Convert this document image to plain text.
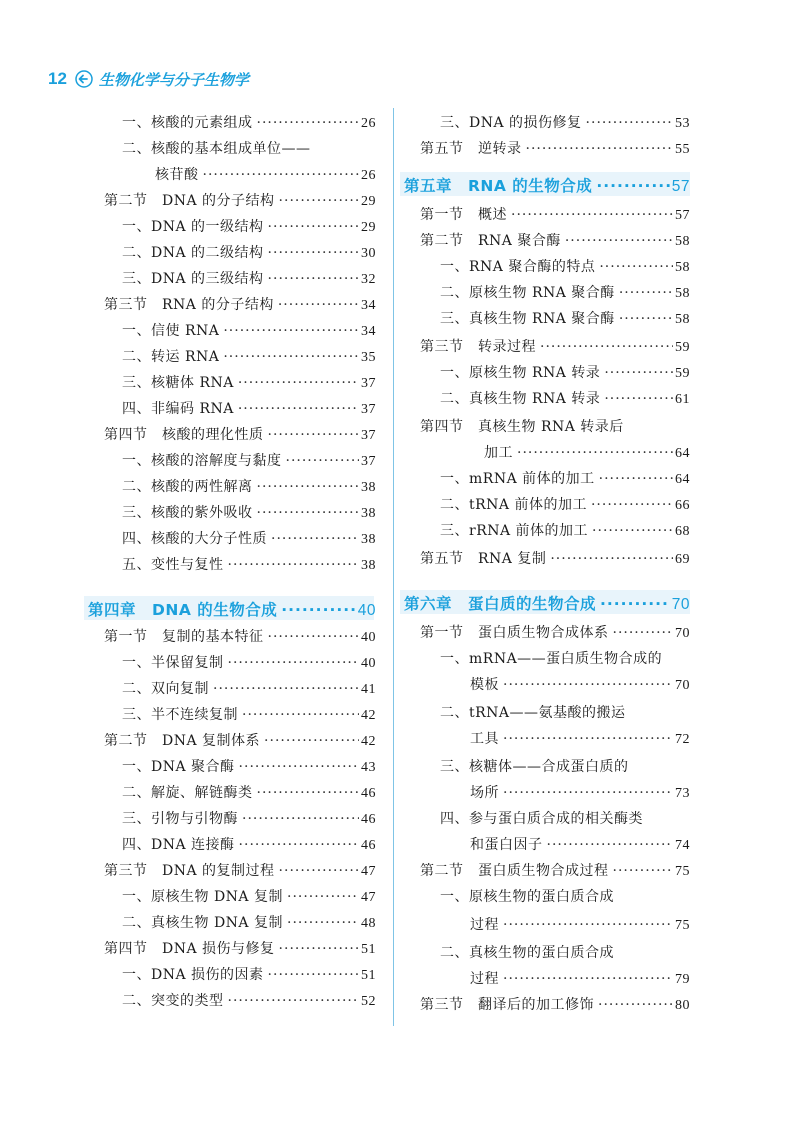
12 生物化学与分子生物学
一、核酸的元素组成 ·····	26
二、核酸的基本组成单位——
核苷酸 ·····	26
第二节　DNA 的分子结构 ·····	29
一、DNA 的一级结构 ·····	29
二、DNA 的二级结构 ·····	30
三、DNA 的三级结构 ·····	32
第三节　RNA 的分子结构 ·····	34
一、信使 RNA ·····	34
二、转运 RNA ·····	35
三、核糖体 RNA ·····	37
四、非编码 RNA ·····	37
第四节　核酸的理化性质 ·····	37
一、核酸的溶解度与黏度 ·····	37
二、核酸的两性解离 ·····	38
三、核酸的紫外吸收 ·····	38
四、核酸的大分子性质 ·····	38
五、变性与复性 ·····	38
第四章　DNA 的生物合成 ·····	40
第一节　复制的基本特征 ·····	40
一、半保留复制 ·····	40
二、双向复制 ·····	41
三、半不连续复制 ·····	42
第二节　DNA 复制体系 ·····	42
一、DNA 聚合酶 ·····	43
二、解旋、解链酶类 ·····	46
三、引物与引物酶 ·····	46
四、DNA 连接酶 ·····	46
第三节　DNA 的复制过程 ·····	47
一、原核生物 DNA 复制 ·····	47
二、真核生物 DNA 复制 ·····	48
第四节　DNA 损伤与修复 ·····	51
一、DNA 损伤的因素 ·····	51
二、突变的类型 ·····	52
三、DNA 的损伤修复 ·····	53
第五节　逆转录 ·····	55
第五章　RNA 的生物合成 ·····	57
第一节　概述 ·····	57
第二节　RNA 聚合酶 ·····	58
一、RNA 聚合酶的特点 ·····	58
二、原核生物 RNA 聚合酶 ·····	58
三、真核生物 RNA 聚合酶 ·····	58
第三节　转录过程 ·····	59
一、原核生物 RNA 转录 ·····	59
二、真核生物 RNA 转录 ·····	61
第四节　真核生物 RNA 转录后
加工 ·····	64
一、mRNA 前体的加工 ·····	64
二、tRNA 前体的加工 ·····	66
三、rRNA 前体的加工 ·····	68
第五节　RNA 复制 ·····	69
第六章　蛋白质的生物合成 ·····	70
第一节　蛋白质生物合成体系 ·····	70
一、mRNA——蛋白质生物合成的
模板 ·····	70
二、tRNA——氨基酸的搬运
工具 ·····	72
三、核糖体——合成蛋白质的
场所 ·····	73
四、参与蛋白质合成的相关酶类
和蛋白因子 ·····	74
第二节　蛋白质生物合成过程 ·····	75
一、原核生物的蛋白质合成
过程 ·····	75
二、真核生物的蛋白质合成
过程 ·····	79
第三节　翻译后的加工修饰 ·····	80
